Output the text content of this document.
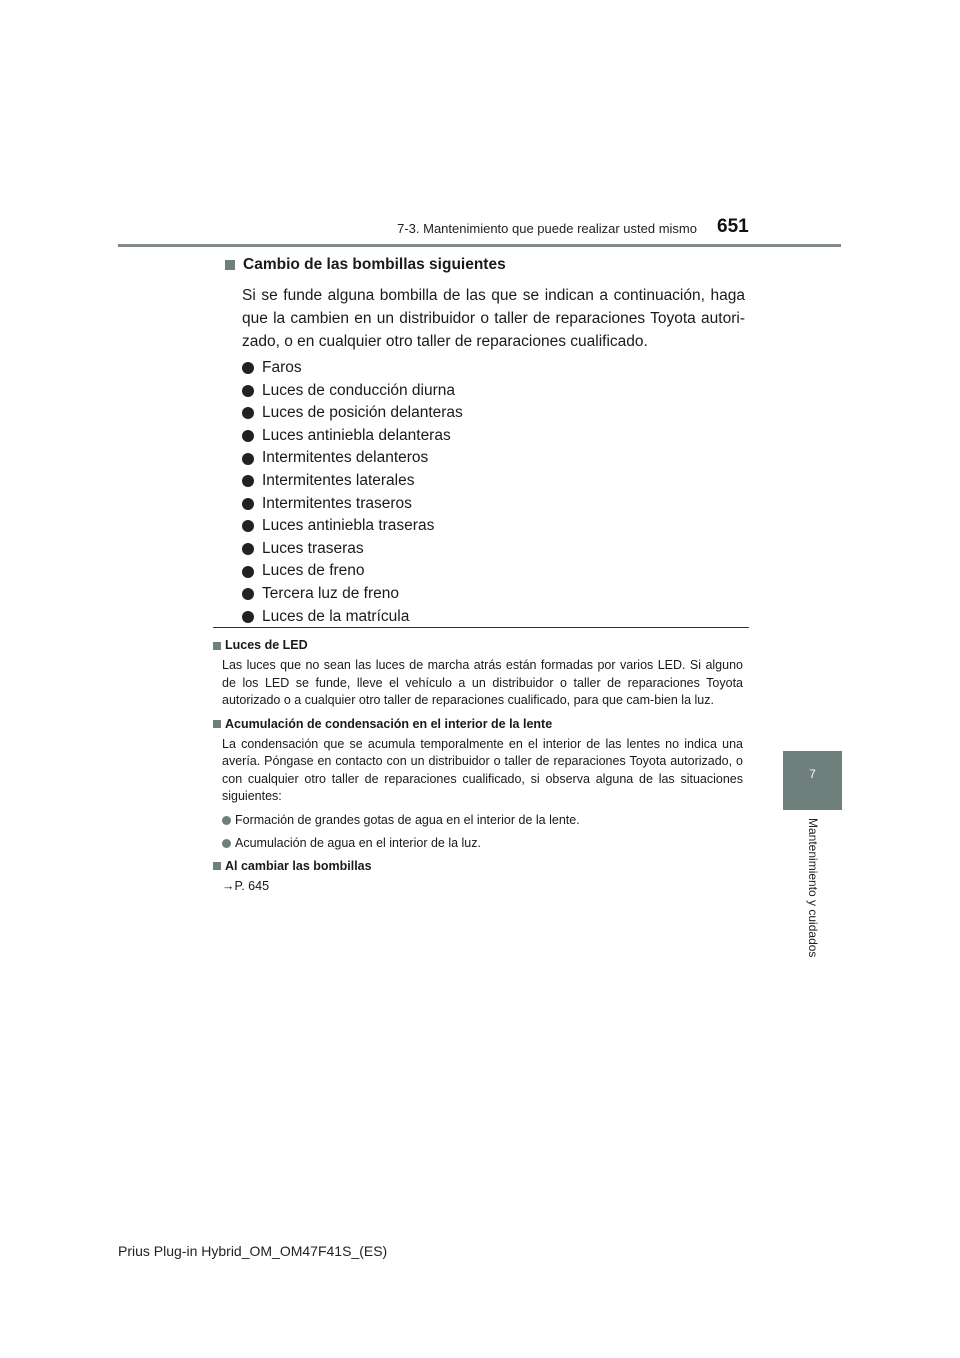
7-3. Mantenimiento que puede realizar usted mismo 651
7
Mantenimiento y cuidados
Cambio de las bombillas siguientes

Si se funde alguna bombilla de las que se indican a continuación, haga que la cambien en un distribuidor o taller de reparaciones Toyota autori-zado, o en cualquier otro taller de reparaciones cualificado.

Faros
Luces de conducción diurna
Luces de posición delanteras
Luces antiniebla delanteras
Intermitentes delanteros
Intermitentes laterales
Intermitentes traseros
Luces antiniebla traseras
Luces traseras
Luces de freno
Tercera luz de freno
Luces de la matrícula

Luces de LED

Las luces que no sean las luces de marcha atrás están formadas por varios LED. Si alguno de los LED se funde, lleve el vehículo a un distribuidor o taller de reparaciones Toyota autorizado o a cualquier otro taller de reparaciones cualificado, para que cam-bien la luz.

Acumulación de condensación en el interior de la lente

La condensación que se acumula temporalmente en el interior de las lentes no indica una avería. Póngase en contacto con un distribuidor o taller de reparaciones Toyota autorizado, o con cualquier otro taller de reparaciones cualificado, si observa alguna de las situaciones siguientes:

Formación de grandes gotas de agua en el interior de la lente.
Acumulación de agua en el interior de la luz.

Al cambiar las bombillas

→P. 645

Prius Plug-in Hybrid_OM_OM47F41S_(ES)
